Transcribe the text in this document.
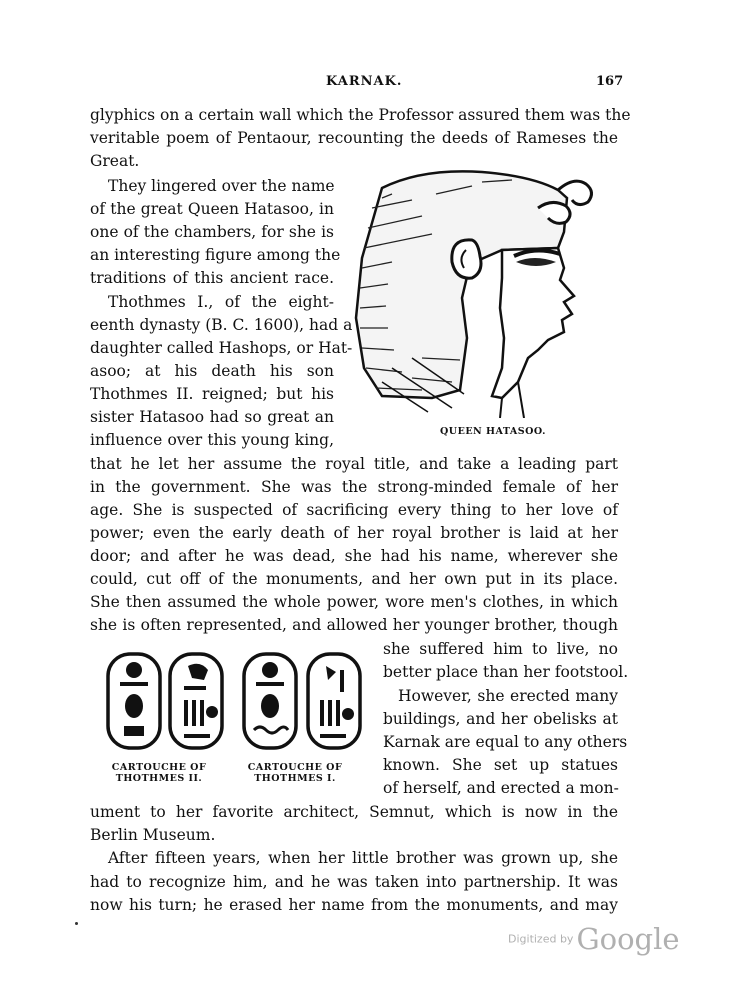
KARNAK.	167
glyphics on a certain wall which the Professor assured them was the
veritable poem of Pentaour, recounting the deeds of Rameses the
Great.
They lingered over the name
of the great Queen Hatasoo, in
one of the chambers, for she is
an interesting figure among the
traditions of this ancient race.
Thothmes I., of the eight-
eenth dynasty (B. C. 1600), had a
daughter called Hashops, or Hat-
asoo; at his death his son
Thothmes II. reigned; but his
sister Hatasoo had so great an
influence over this young king,
that he let her assume the royal title, and take a leading part
in the government. She was the strong-minded female of her
age. She is suspected of sacrificing every thing to her love of
power; even the early death of her royal brother is laid at her
door; and after he was dead, she had his name, wherever she
could, cut off of the monuments, and her own put in its place.
She then assumed the whole power, wore men's clothes, in which
she is often represented, and allowed her younger brother, though
she suffered him to live, no
better place than her footstool.
However, she erected many
buildings, and her obelisks at
Karnak are equal to any others
known. She set up statues
of herself, and erected a mon-
ument to her favorite architect, Semnut, which is now in the
Berlin Museum.
After fifteen years, when her little brother was grown up, she
had to recognize him, and he was taken into partnership. It was
now his turn; he erased her name from the monuments, and may
QUEEN HATASOO.
CARTOUCHE OF
THOTHMES II.
CARTOUCHE OF
THOTHMES I.
Digitized by Google
